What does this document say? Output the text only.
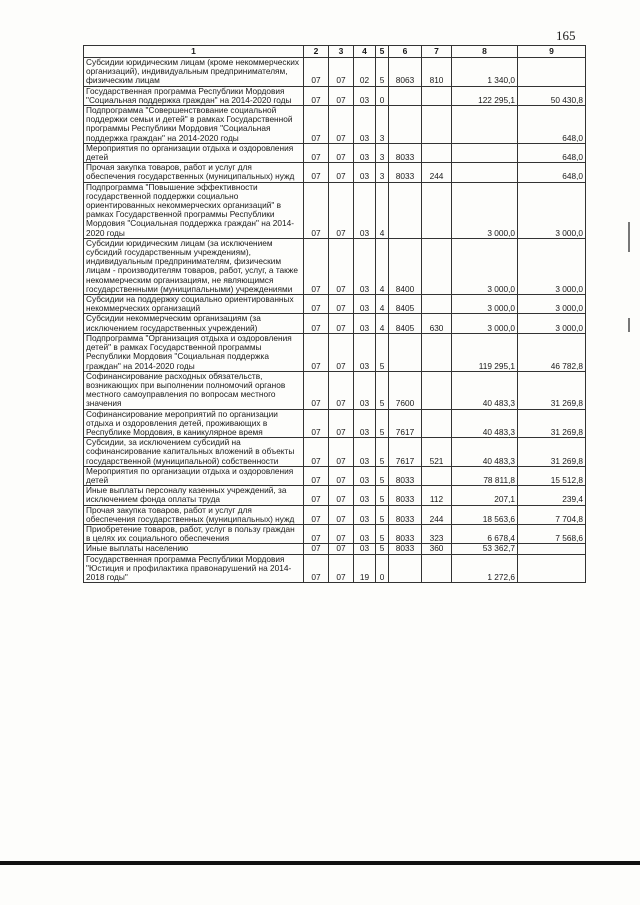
165
1	2	3	4	5	6	7	8	9
Субсидии юридическим лицам (кроме некоммерческих организаций), индивидуальным предпринимателям, физическим лицам	07	07	02	5	8063	810	1 340,0	
Государственная программа Республики Мордовия "Социальная поддержка граждан" на 2014-2020 годы	07	07	03	0			122 295,1	50 430,8
Подпрограмма "Совершенствование социальной поддержки семьи и детей" в рамках Государственной программы Республики Мордовия "Социальная поддержка граждан" на 2014-2020 годы	07	07	03	3				648,0
Мероприятия по организации отдыха и оздоровления детей	07	07	03	3	8033			648,0
Прочая закупка товаров, работ и услуг для обеспечения государственных (муниципальных) нужд	07	07	03	3	8033	244		648,0
Подпрограмма "Повышение эффективности государственной поддержки социально ориентированных некоммерческих организаций" в рамках Государственной программы Республики Мордовия "Социальная поддержка граждан" на 2014-2020 годы	07	07	03	4			3 000,0	3 000,0
Субсидии юридическим лицам (за исключением субсидий государственным учреждениям), индивидуальным предпринимателям, физическим лицам - производителям товаров, работ, услуг, а также некоммерческим организациям, не являющимся государственными (муниципальными) учреждениями	07	07	03	4	8400		3 000,0	3 000,0
Субсидии на поддержку социально ориентированных некоммерческих организаций	07	07	03	4	8405		3 000,0	3 000,0
Субсидии некоммерческим организациям (за исключением государственных учреждений)	07	07	03	4	8405	630	3 000,0	3 000,0
Подпрограмма "Организация отдыха и оздоровления детей" в рамках Государственной программы Республики Мордовия "Социальная поддержка граждан" на 2014-2020 годы	07	07	03	5			119 295,1	46 782,8
Софинансирование расходных обязательств, возникающих при выполнении полномочий органов местного самоуправления по вопросам местного значения	07	07	03	5	7600		40 483,3	31 269,8
Софинансирование мероприятий по организации отдыха и оздоровления детей, проживающих в Республике Мордовия, в каникулярное время	07	07	03	5	7617		40 483,3	31 269,8
Субсидии, за исключением субсидий на софинансирование капитальных вложений в объекты государственной (муниципальной) собственности	07	07	03	5	7617	521	40 483,3	31 269,8
Мероприятия по организации отдыха и оздоровления детей	07	07	03	5	8033		78 811,8	15 512,8
Иные выплаты персоналу казенных учреждений, за исключением фонда оплаты труда	07	07	03	5	8033	112	207,1	239,4
Прочая закупка товаров, работ и услуг для обеспечения государственных (муниципальных) нужд	07	07	03	5	8033	244	18 563,6	7 704,8
Приобретение товаров, работ, услуг в пользу граждан в целях их социального обеспечения	07	07	03	5	8033	323	6 678,4	7 568,6
Иные выплаты населению	07	07	03	5	8033	360	53 362,7	
Государственная программа Республики Мордовия "Юстиция и профилактика правонарушений на 2014-2018 годы"	07	07	19	0			1 272,6	
